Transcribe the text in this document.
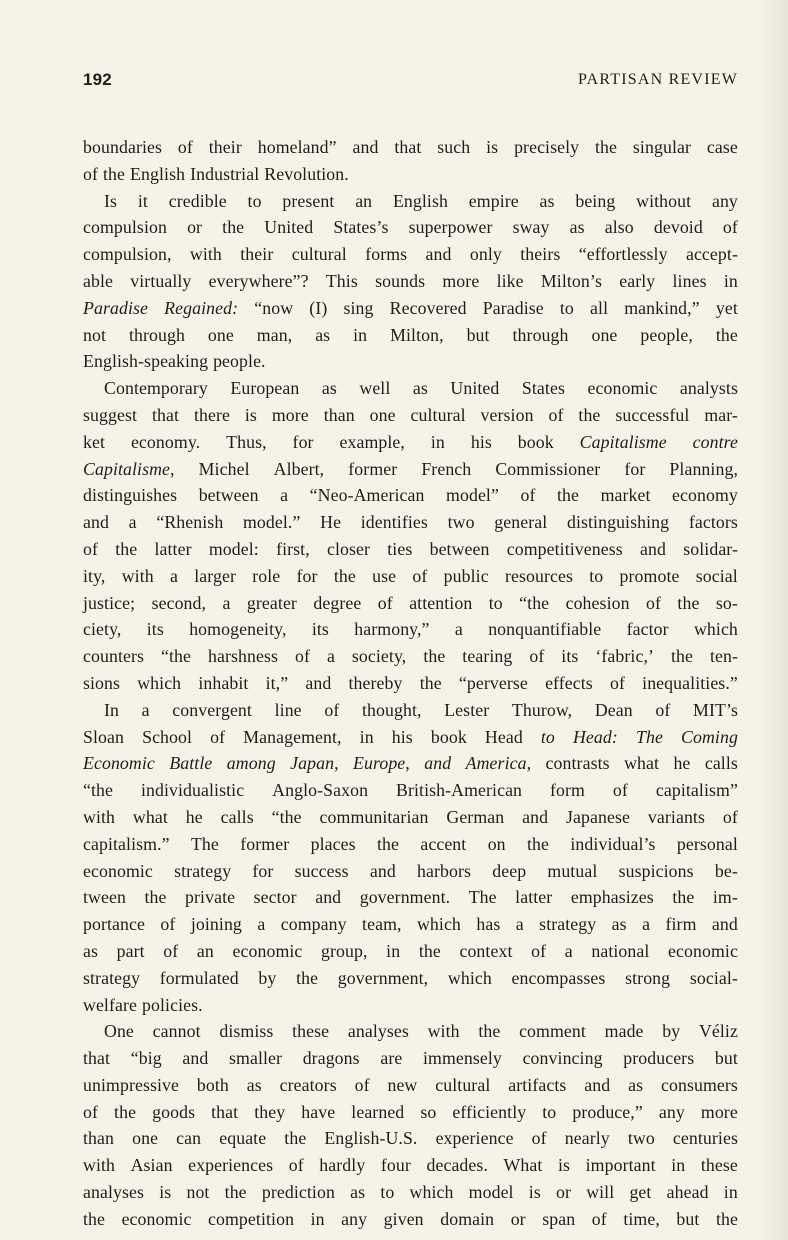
192	PARTISAN REVIEW
boundaries of their homeland” and that such is precisely the singular case
of the English Industrial Revolution.
Is it credible to present an English empire as being without any
compulsion or the United States’s superpower sway as also devoid of
compulsion, with their cultural forms and only theirs “effortlessly accept-
able virtually everywhere”? This sounds more like Milton’s early lines in
Paradise Regained: “now (I) sing Recovered Paradise to all mankind,” yet
not through one man, as in Milton, but through one people, the
English-speaking people.
Contemporary European as well as United States economic analysts
suggest that there is more than one cultural version of the successful mar-
ket economy. Thus, for example, in his book Capitalisme contre
Capitalisme, Michel Albert, former French Commissioner for Planning,
distinguishes between a “Neo-American model” of the market economy
and a “Rhenish model.” He identifies two general distinguishing factors
of the latter model: first, closer ties between competitiveness and solidar-
ity, with a larger role for the use of public resources to promote social
justice; second, a greater degree of attention to “the cohesion of the so-
ciety, its homogeneity, its harmony,” a nonquantifiable factor which
counters “the harshness of a society, the tearing of its ‘fabric,’ the ten-
sions which inhabit it,” and thereby the “perverse effects of inequalities.”
In a convergent line of thought, Lester Thurow, Dean of MIT’s
Sloan School of Management, in his book Head to Head: The Coming
Economic Battle among Japan, Europe, and America, contrasts what he calls
“the individualistic Anglo-Saxon British-American form of capitalism”
with what he calls “the communitarian German and Japanese variants of
capitalism.” The former places the accent on the individual’s personal
economic strategy for success and harbors deep mutual suspicions be-
tween the private sector and government. The latter emphasizes the im-
portance of joining a company team, which has a strategy as a firm and
as part of an economic group, in the context of a national economic
strategy formulated by the government, which encompasses strong social-
welfare policies.
One cannot dismiss these analyses with the comment made by Véliz
that “big and smaller dragons are immensely convincing producers but
unimpressive both as creators of new cultural artifacts and as consumers
of the goods that they have learned so efficiently to produce,” any more
than one can equate the English-U.S. experience of nearly two centuries
with Asian experiences of hardly four decades. What is important in these
analyses is not the prediction as to which model is or will get ahead in
the economic competition in any given domain or span of time, but the
